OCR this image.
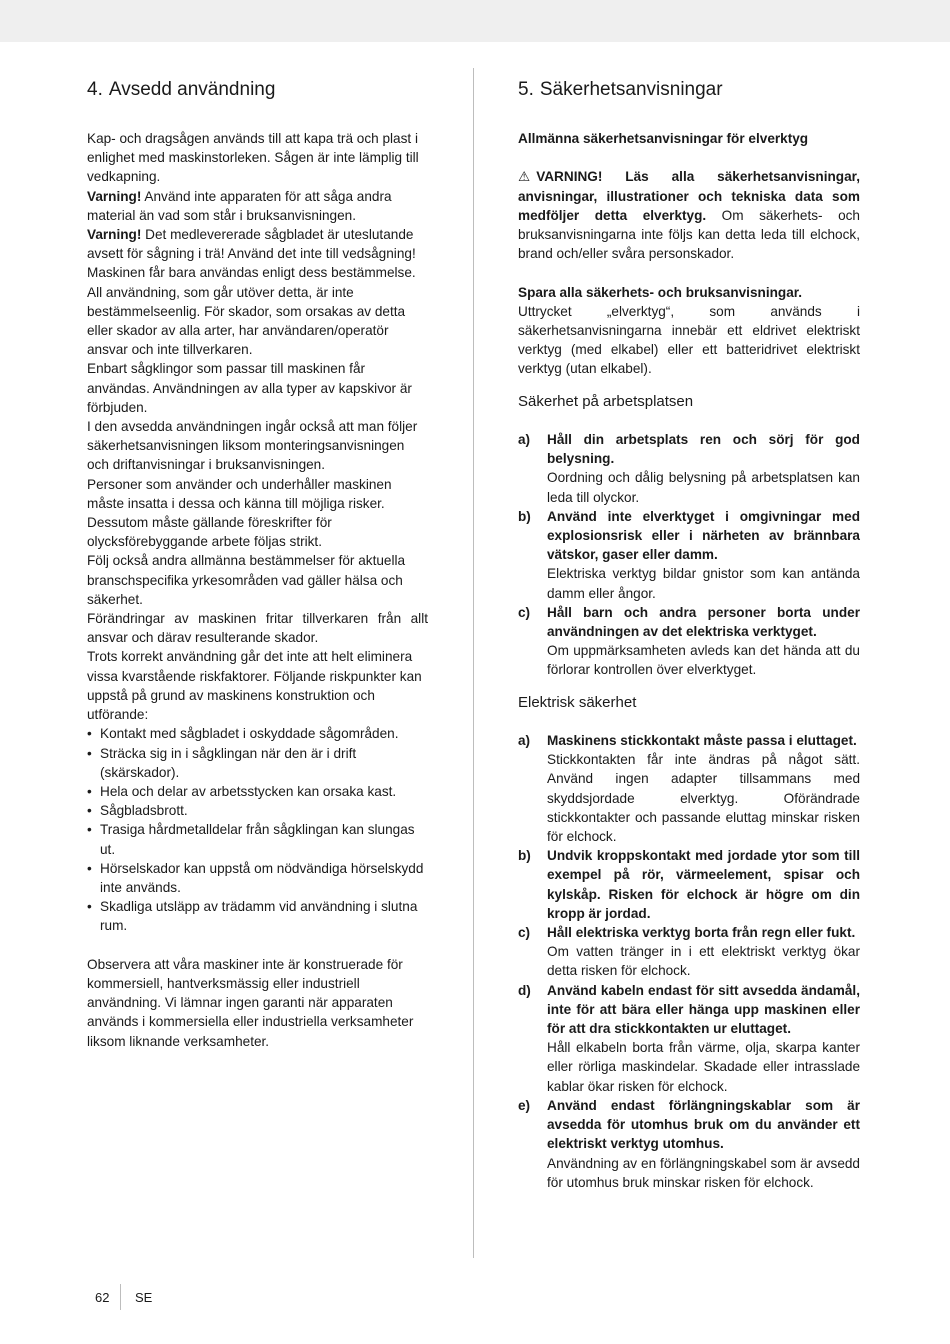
4. Avsedd användning

Kap- och dragsågen används till att kapa trä och plast i enlighet med maskinstorleken. Sågen är inte lämplig till vedkapning.

Varning! Använd inte apparaten för att såga andra material än vad som står i bruksanvisningen.

Varning! Det medlevererade sågbladet är uteslutande avsett för sågning i trä! Använd det inte till vedsågning!

Maskinen får bara användas enligt dess bestämmelse. All användning, som går utöver detta, är inte bestämmelseenlig. För skador, som orsakas av detta eller skador av alla arter, har användaren/operatör ansvar och inte tillverkaren.

Enbart sågklingor som passar till maskinen får användas. Användningen av alla typer av kapskivor är förbjuden.

I den avsedda användningen ingår också att man följer säkerhetsanvisningen liksom monteringsanvisningen och driftanvisningar i bruksanvisningen.

Personer som använder och underhåller maskinen måste insatta i dessa och känna till möjliga risker.

Dessutom måste gällande föreskrifter för olycksförebyggande arbete följas strikt.

Följ också andra allmänna bestämmelser för aktuella branschspecifika yrkesområden vad gäller hälsa och säkerhet.

Förändringar av maskinen fritar tillverkaren från allt ansvar och därav resulterande skador.

Trots korrekt användning går det inte att helt eliminera vissa kvarstående riskfaktorer. Följande riskpunkter kan uppstå på grund av maskinens konstruktion och utförande:

• Kontakt med sågbladet i oskyddade sågområden.
• Sträcka sig in i sågklingan när den är i drift (skärskador).
• Hela och delar av arbetsstycken kan orsaka kast.
• Sågbladsbrott.
• Trasiga hårdmetalldelar från sågklingan kan slungas ut.
• Hörselskador kan uppstå om nödvändiga hörselskydd inte används.
• Skadliga utsläpp av trädamm vid användning i slutna rum.

Observera att våra maskiner inte är konstruerade för kommersiell, hantverksmässig eller industriell användning. Vi lämnar ingen garanti när apparaten används i kommersiella eller industriella verksamheter liksom liknande verksamheter.

5. Säkerhetsanvisningar

Allmänna säkerhetsanvisningar för elverktyg

⚠ VARNING! Läs alla säkerhetsanvisningar, anvisningar, illustrationer och tekniska data som medföljer detta elverktyg. Om säkerhets- och bruksanvisningarna inte följs kan detta leda till elchock, brand och/eller svåra personskador.

Spara alla säkerhets- och bruksanvisningar.

Uttrycket „elverktyg“, som används i säkerhetsanvisningarna innebär ett eldrivet elektriskt verktyg (med elkabel) eller ett batteridrivet elektriskt verktyg (utan elkabel).

Säkerhet på arbetsplatsen
a)	Håll din arbetsplats ren och sörj för god belysning.

Oordning och dålig belysning på arbetsplatsen kan leda till olyckor.

b)	Använd inte elverktyget i omgivningar med explosionsrisk eller i närheten av brännbara vätskor, gaser eller damm.

Elektriska verktyg bildar gnistor som kan antända damm eller ångor.

c)	Håll barn och andra personer borta under användningen av det elektriska verktyget.

Om uppmärksamheten avleds kan det hända att du förlorar kontrollen över elverktyget.

Elektrisk säkerhet
a)	Maskinens stickkontakt måste passa i eluttaget.

Stickkontakten får inte ändras på något sätt. Använd ingen adapter tillsammans med skyddsjordade elverktyg. Oförändrade stickkontakter och passande eluttag minskar risken för elchock.

b)	Undvik kroppskontakt med jordade ytor som till exempel på rör, värmeelement, spisar och kylskåp. Risken för elchock är högre om din kropp är jordad.

c)	Håll elektriska verktyg borta från regn eller fukt.

Om vatten tränger in i ett elektriskt verktyg ökar detta risken för elchock.

d)	Använd kabeln endast för sitt avsedda ändamål, inte för att bära eller hänga upp maskinen eller för att dra stickkontakten ur eluttaget.

Håll elkabeln borta från värme, olja, skarpa kanter eller rörliga maskindelar. Skadade eller intrasslade kablar ökar risken för elchock.

e)	Använd endast förlängningskablar som är avsedda för utomhus bruk om du använder ett elektriskt verktyg utomhus.

Användning av en förlängningskabel som är avsedd för utomhus bruk minskar risken för elchock.

62 SE
